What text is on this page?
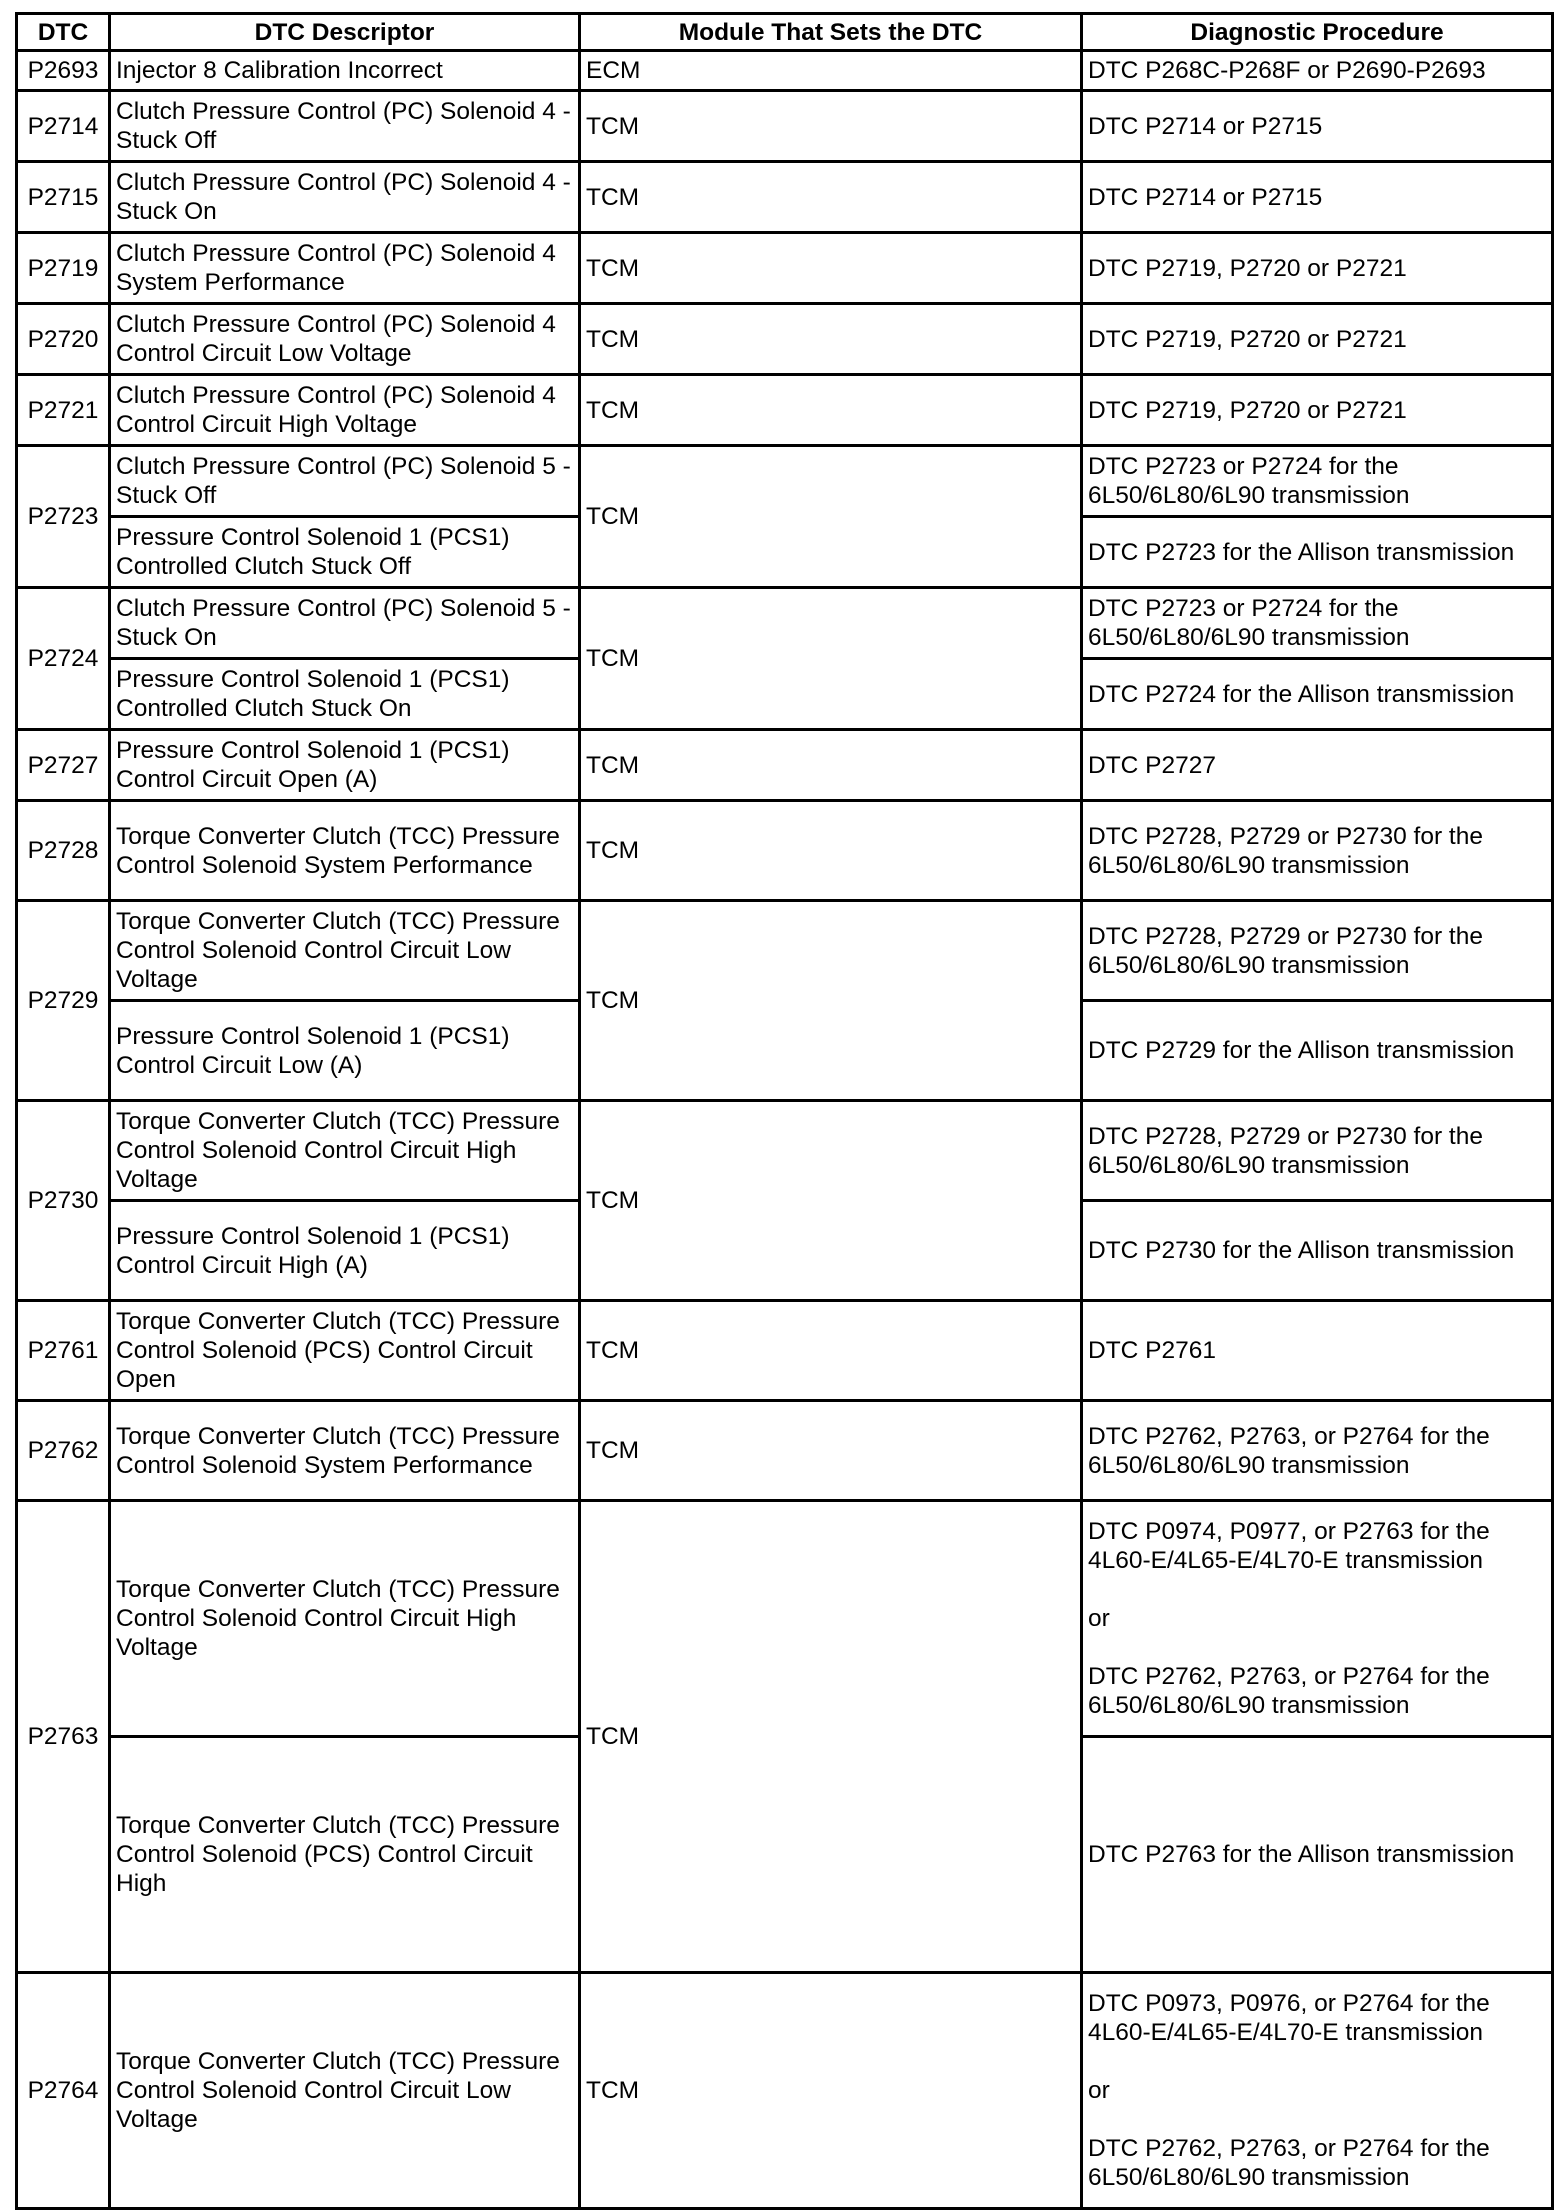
DTC	DTC Descriptor	Module That Sets the DTC	Diagnostic Procedure
P2693	Injector 8 Calibration Incorrect	ECM	DTC P268C-P268F or P2690-P2693

P2714	Clutch Pressure Control (PC) Solenoid 4 - Stuck Off	TCM	DTC P2714 or P2715

P2715	Clutch Pressure Control (PC) Solenoid 4 - Stuck On	TCM	DTC P2714 or P2715

P2719	Clutch Pressure Control (PC) Solenoid 4 System Performance	TCM	DTC P2719, P2720 or P2721

P2720	Clutch Pressure Control (PC) Solenoid 4 Control Circuit Low Voltage	TCM	DTC P2719, P2720 or P2721

P2721	Clutch Pressure Control (PC) Solenoid 4 Control Circuit High Voltage	TCM	DTC P2719, P2720 or P2721

P2723	Clutch Pressure Control (PC) Solenoid 5 - Stuck Off	TCM	DTC P2723 or P2724 for the 6L50/6L80/6L90 transmission

	Pressure Control Solenoid 1 (PCS1) Controlled Clutch Stuck Off		DTC P2723 for the Allison transmission

P2724	Clutch Pressure Control (PC) Solenoid 5 - Stuck On	TCM	DTC P2723 or P2724 for the 6L50/6L80/6L90 transmission

	Pressure Control Solenoid 1 (PCS1) Controlled Clutch Stuck On		DTC P2724 for the Allison transmission

P2727	Pressure Control Solenoid 1 (PCS1) Control Circuit Open (A)	TCM	DTC P2727

P2728	Torque Converter Clutch (TCC) Pressure Control Solenoid System Performance	TCM	DTC P2728, P2729 or P2730 for the 6L50/6L80/6L90 transmission

P2729	Torque Converter Clutch (TCC) Pressure Control Solenoid Control Circuit Low Voltage	TCM	DTC P2728, P2729 or P2730 for the 6L50/6L80/6L90 transmission

	Pressure Control Solenoid 1 (PCS1) Control Circuit Low (A)		DTC P2729 for the Allison transmission

P2730	Torque Converter Clutch (TCC) Pressure Control Solenoid Control Circuit High Voltage	TCM	DTC P2728, P2729 or P2730 for the 6L50/6L80/6L90 transmission

	Pressure Control Solenoid 1 (PCS1) Control Circuit High (A)		DTC P2730 for the Allison transmission

P2761	Torque Converter Clutch (TCC) Pressure Control Solenoid (PCS) Control Circuit Open	TCM	DTC P2761

P2762	Torque Converter Clutch (TCC) Pressure Control Solenoid System Performance	TCM	DTC P2762, P2763, or P2764 for the 6L50/6L80/6L90 transmission

P2763	Torque Converter Clutch (TCC) Pressure Control Solenoid Control Circuit High Voltage	TCM	DTC P0974, P0977, or P2763 for the 4L60-E/4L65-E/4L70-E transmission
or
DTC P2762, P2763, or P2764 for the 6L50/6L80/6L90 transmission

	Torque Converter Clutch (TCC) Pressure Control Solenoid (PCS) Control Circuit High		DTC P2763 for the Allison transmission

P2764	Torque Converter Clutch (TCC) Pressure Control Solenoid Control Circuit Low Voltage	TCM	DTC P0973, P0976, or P2764 for the 4L60-E/4L65-E/4L70-E transmission
or
DTC P2762, P2763, or P2764 for the 6L50/6L80/6L90 transmission
